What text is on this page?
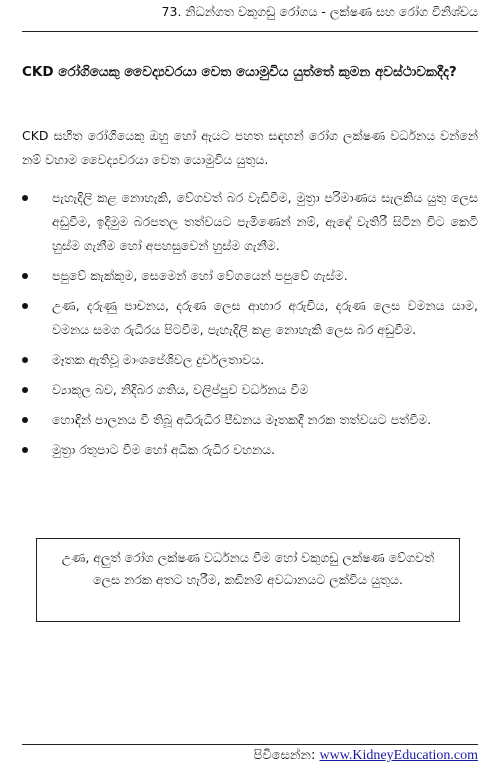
73. නිධන්ගත වකුගඩු රෝගය - ලක්ෂණ සහ රෝග විනිශ්චය
CKD රෝගියෙකු වෛද්‍යවරයා වෙත යොමුවිය යුත්තේ කුමන අවස්ථාවකදීද?
CKD සහිත රෝගියෙකු ඔහු හෝ ඇයට පහත සඳහන් රෝග ලක්ෂණ වර්ධනය වන්නේ නම් වහාම වෛද්‍යවරයා වෙත යොමුවිය යුතුය.
පැහැදිලි කළ නොහැකි, වේගවත් බර වැඩිවීම, මුත්‍රා පරිමාණය සැලකිය යුතු ලෙස අඩුවීම, ඉදිමුම බරපතල තත්වයට පැමිණෙන් නම්, ඇඳේ වැතිරී සිටින විට කෙටි හුස්ම ගැනීම හෝ අපහසුවෙන් හුස්ම ගැනීම.
පපුවේ කැක්කුම, සෙමෙන් හෝ වේගයෙන් පපුවේ ගැස්ම.
උණ, දරුණු පාචනය, දරුණ ලෙස ආහාර අරුචිය, දරුණ ලෙස වමනය යාම, වමනය සමග රුධිරය පිටවීම, පැහැදිලි කළ නොහැකි ලෙස බර අඩුවීම.
මෑතක ඇතිවූ මාංශපේශිවල දුර්වලතාවය.
ව්‍යාකූල බව, නිදිබර ගතිය, වලිප්පුව වර්ධනය වීම
හොඳින් පාලනය වී තිබූ අධිරුධිර පීඩනය මෑතකදී නරක තත්වයට පත්වීම.
මුත්‍රා රතුපාට වීම හෝ අධික රුධිර වහනය.

උණ, අලුත් රෝග ලක්ෂණ වර්ධනය වීම හෝ වකුගඩු ලක්ෂණ වේගවත් ලෙස නරක අතට හැරීම, කඩිනම් අවධානයට ලක්විය යුතුය.

පිවිසෙන්න: www.KidneyEducation.com
